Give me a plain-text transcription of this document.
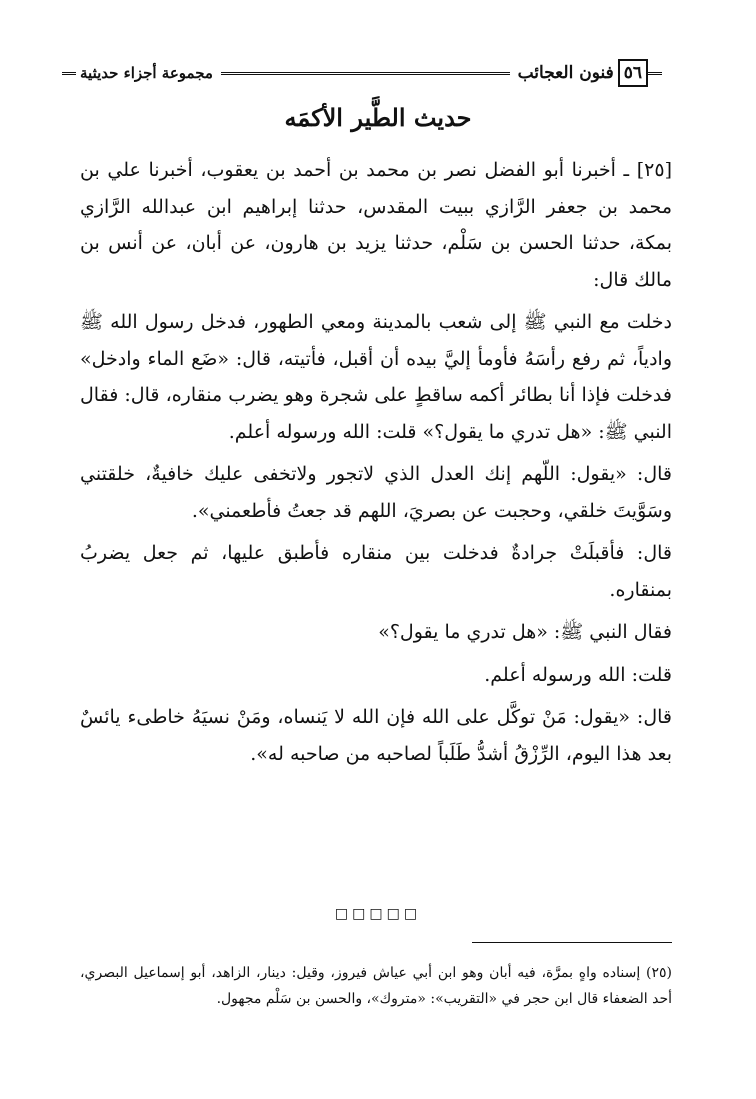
٥٦
فنون العجائب
مجموعة أجزاء حديثية
حديث الطَّير الأكمَه

[٢٥] ـ أخبرنا أبو الفضل نصر بن محمد بن أحمد بن يعقوب، أخبرنا علي بن محمد بن جعفر الرَّازي ببيت المقدس، حدثنا إبراهيم ابن عبدالله الرَّازي بمكة، حدثنا الحسن بن سَلْم، حدثنا يزيد بن هارون، عن أبان، عن أنس بن مالك قال:

دخلت مع النبي ﷺ إلى شعب بالمدينة ومعي الطهور، فدخل رسول الله ﷺ وادياً، ثم رفع رأسَهُ فأومأ إليَّ بيده أن أقبل، فأتيته، قال: «ضَع الماء وادخل» فدخلت فإذا أنا بطائر أكمه ساقطٍ على شجرة وهو يضرب منقاره، قال: فقال النبي ﷺ: «هل تدري ما يقول؟» قلت: الله ورسوله أعلم.

قال: «يقول: اللّهم إنك العدل الذي لاتجور ولاتخفى عليك خافيةٌ، خلقتني وسَوَّيتَ خلقي، وحجبت عن بصريَ، اللهم قد جعتُ فأطعمني».

قال: فأقبلَتْ جرادةٌ فدخلت بين منقاره فأطبق عليها، ثم جعل يضربُ بمنقاره.

فقال النبي ﷺ: «هل تدري ما يقول؟»

قلت: الله ورسوله أعلم.

قال: «يقول: مَنْ توكَّل على الله فإن الله لا يَنساه، ومَنْ نسيَهُ خاطىء يائسٌ بعد هذا اليوم، الرِّزْقُ أشدُّ طَلَباً لصاحبه من صاحبه له».

□□□□□
(٢٥) إسناده واهٍ بمرَّة، فيه أبان وهو ابن أبي عياش فيروز، وقيل: دينار، الزاهد، أبو إسماعيل البصري، أحد الضعفاء قال ابن حجر في «التقريب»: «متروك»، والحسن بن سَلْم مجهول.
